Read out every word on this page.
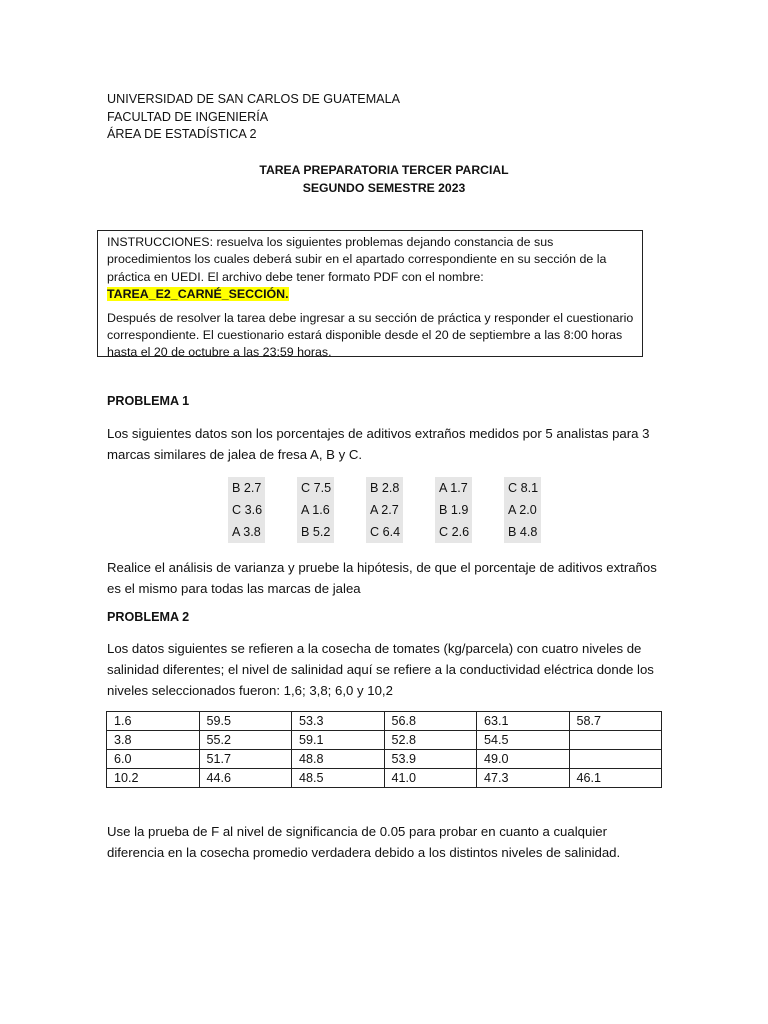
UNIVERSIDAD DE SAN CARLOS DE GUATEMALA
FACULTAD DE INGENIERÍA
ÁREA DE ESTADÍSTICA 2
TAREA PREPARATORIA TERCER PARCIAL
SEGUNDO SEMESTRE 2023

INSTRUCCIONES: resuelva los siguientes problemas dejando constancia de sus procedimientos los cuales deberá subir en el apartado correspondiente en su sección de la práctica en UEDI. El archivo debe tener formato PDF con el nombre: TAREA_E2_CARNÉ_SECCIÓN.

Después de resolver la tarea debe ingresar a su sección de práctica y responder el cuestionario correspondiente. El cuestionario estará disponible desde el 20 de septiembre a las 8:00 horas hasta el 20 de octubre a las 23:59 horas.

PROBLEMA 1

Los siguientes datos son los porcentajes de aditivos extraños medidos por 5 analistas para 3 marcas similares de jalea de fresa A, B y C.

B 2.7	C 7.5	B 2.8	A 1.7	C 8.1
C 3.6	A 1.6	A 2.7	B 1.9	A 2.0
A 3.8	B 5.2	C 6.4	C 2.6	B 4.8

Realice el análisis de varianza y pruebe la hipótesis, de que el porcentaje de aditivos extraños es el mismo para todas las marcas de jalea

PROBLEMA 2

Los datos siguientes se refieren a la cosecha de tomates (kg/parcela) con cuatro niveles de salinidad diferentes; el nivel de salinidad aquí se refiere a la conductividad eléctrica donde los niveles seleccionados fueron: 1,6; 3,8; 6,0 y 10,2

1.6	59.5	53.3	56.8	63.1	58.7
3.8	55.2	59.1	52.8	54.5	
6.0	51.7	48.8	53.9	49.0	
10.2	44.6	48.5	41.0	47.3	46.1

Use la prueba de F al nivel de significancia de 0.05 para probar en cuanto a cualquier diferencia en la cosecha promedio verdadera debido a los distintos niveles de salinidad.
